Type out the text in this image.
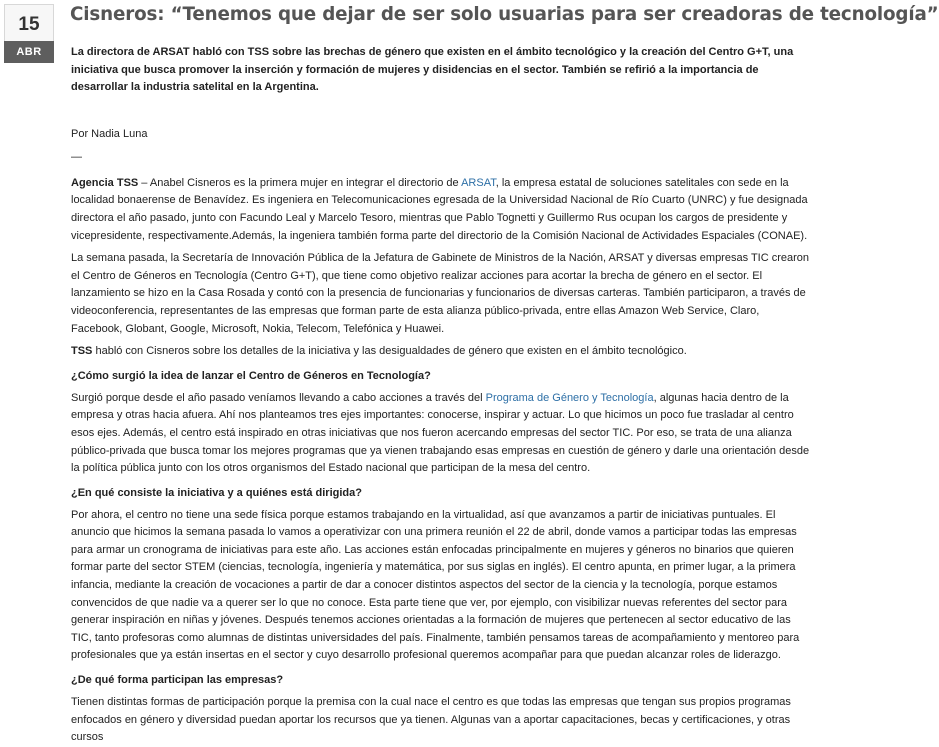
15
ABR
Cisneros: “Tenemos que dejar de ser solo usuarias para ser creadoras de tecnología”

La directora de ARSAT habló con TSS sobre las brechas de género que existen en el ámbito tecnológico y la creación del Centro G+T, una iniciativa que busca promover la inserción y formación de mujeres y disidencias en el sector. También se refirió a la importancia de desarrollar la industria satelital en la Argentina.

Por Nadia Luna

—

Agencia TSS – Anabel Cisneros es la primera mujer en integrar el directorio de ARSAT, la empresa estatal de soluciones satelitales con sede en la localidad bonaerense de Benavídez. Es ingeniera en Telecomunicaciones egresada de la Universidad Nacional de Río Cuarto (UNRC) y fue designada directora el año pasado, junto con Facundo Leal y Marcelo Tesoro, mientras que Pablo Tognetti y Guillermo Rus ocupan los cargos de presidente y vicepresidente, respectivamente.Además, la ingeniera también forma parte del directorio de la Comisión Nacional de Actividades Espaciales (CONAE).

La semana pasada, la Secretaría de Innovación Pública de la Jefatura de Gabinete de Ministros de la Nación, ARSAT y diversas empresas TIC crearon el Centro de Géneros en Tecnología (Centro G+T), que tiene como objetivo realizar acciones para acortar la brecha de género en el sector. El lanzamiento se hizo en la Casa Rosada y contó con la presencia de funcionarias y funcionarios de diversas carteras. También participaron, a través de videoconferencia, representantes de las empresas que forman parte de esta alianza público-privada, entre ellas Amazon Web Service, Claro, Facebook, Globant, Google, Microsoft, Nokia, Telecom, Telefónica y Huawei.

TSS habló con Cisneros sobre los detalles de la iniciativa y las desigualdades de género que existen en el ámbito tecnológico.

¿Cómo surgió la idea de lanzar el Centro de Géneros en Tecnología?

Surgió porque desde el año pasado veníamos llevando a cabo acciones a través del Programa de Género y Tecnología, algunas hacia dentro de la empresa y otras hacia afuera. Ahí nos planteamos tres ejes importantes: conocerse, inspirar y actuar. Lo que hicimos un poco fue trasladar al centro esos ejes. Además, el centro está inspirado en otras iniciativas que nos fueron acercando empresas del sector TIC. Por eso, se trata de una alianza público-privada que busca tomar los mejores programas que ya vienen trabajando esas empresas en cuestión de género y darle una orientación desde la política pública junto con los otros organismos del Estado nacional que participan de la mesa del centro.

¿En qué consiste la iniciativa y a quiénes está dirigida?

Por ahora, el centro no tiene una sede física porque estamos trabajando en la virtualidad, así que avanzamos a partir de iniciativas puntuales. El anuncio que hicimos la semana pasada lo vamos a operativizar con una primera reunión el 22 de abril, donde vamos a participar todas las empresas para armar un cronograma de iniciativas para este año. Las acciones están enfocadas principalmente en mujeres y géneros no binarios que quieren formar parte del sector STEM (ciencias, tecnología, ingeniería y matemática, por sus siglas en inglés). El centro apunta, en primer lugar, a la primera infancia, mediante la creación de vocaciones a partir de dar a conocer distintos aspectos del sector de la ciencia y la tecnología, porque estamos convencidos de que nadie va a querer ser lo que no conoce. Esta parte tiene que ver, por ejemplo, con visibilizar nuevas referentes del sector para generar inspiración en niñas y jóvenes. Después tenemos acciones orientadas a la formación de mujeres que pertenecen al sector educativo de las TIC, tanto profesoras como alumnas de distintas universidades del país. Finalmente, también pensamos tareas de acompañamiento y mentoreo para profesionales que ya están insertas en el sector y cuyo desarrollo profesional queremos acompañar para que puedan alcanzar roles de liderazgo.

¿De qué forma participan las empresas?

Tienen distintas formas de participación porque la premisa con la cual nace el centro es que todas las empresas que tengan sus propios programas enfocados en género y diversidad puedan aportar los recursos que ya tienen. Algunas van a aportar capacitaciones, becas y certificaciones, y otras cursos
